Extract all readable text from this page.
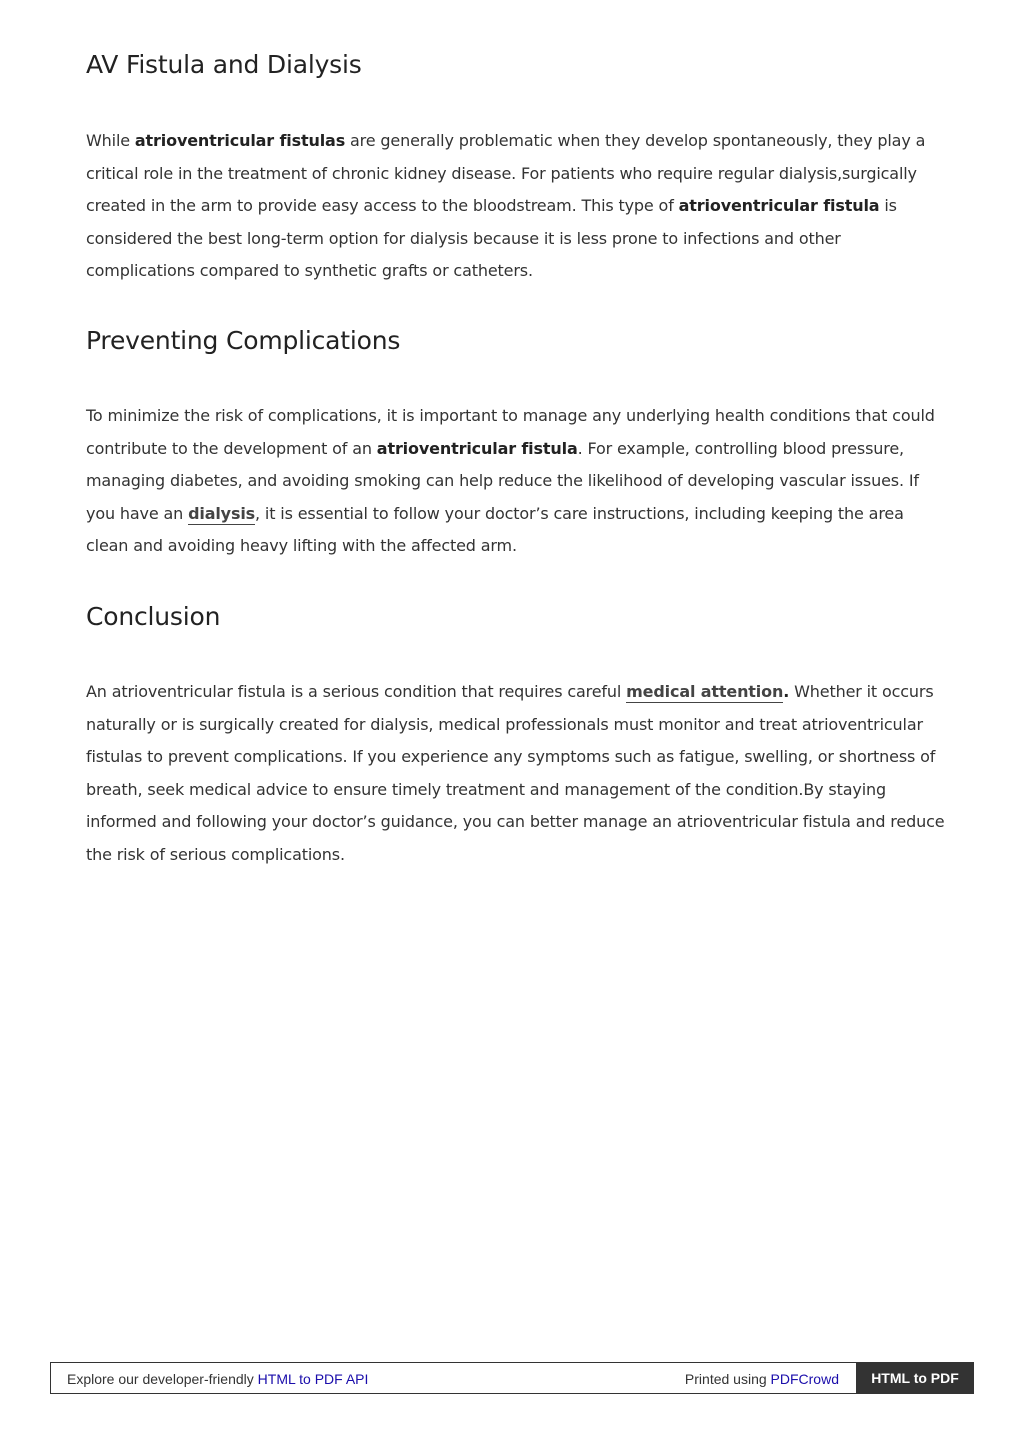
AV Fistula and Dialysis

While atrioventricular fistulas are generally problematic when they develop spontaneously, they play a critical role in the treatment of chronic kidney disease. For patients who require regular dialysis,surgically created in the arm to provide easy access to the bloodstream. This type of atrioventricular fistula is considered the best long-term option for dialysis because it is less prone to infections and other complications compared to synthetic grafts or catheters.

Preventing Complications

To minimize the risk of complications, it is important to manage any underlying health conditions that could contribute to the development of an atrioventricular fistula. For example, controlling blood pressure, managing diabetes, and avoiding smoking can help reduce the likelihood of developing vascular issues. If you have an dialysis, it is essential to follow your doctor’s care instructions, including keeping the area clean and avoiding heavy lifting with the affected arm.

Conclusion

An atrioventricular fistula is a serious condition that requires careful medical attention. Whether it occurs naturally or is surgically created for dialysis, medical professionals must monitor and treat atrioventricular fistulas to prevent complications. If you experience any symptoms such as fatigue, swelling, or shortness of breath, seek medical advice to ensure timely treatment and management of the condition.By staying informed and following your doctor’s guidance, you can better manage an atrioventricular fistula and reduce the risk of serious complications.

Explore our developer-friendly HTML to PDF API	Printed using PDFCrowd	HTML to PDF
